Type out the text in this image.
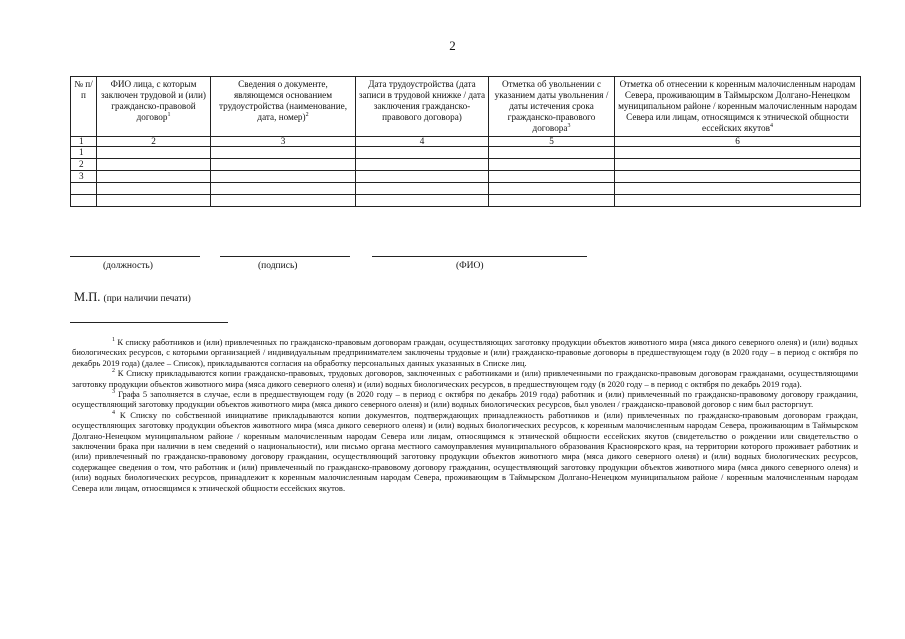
2
№ п/п	ФИО лица, с которым заключен трудовой и (или) гражданско-правовой договор$^1$	Сведения о документе, являющемся основанием трудоустройства (наименование, дата, номер)$^2$	Дата трудоустройства (дата записи в трудовой книжке / дата заключения гражданско-правового договора)	Отметка об увольнении с указанием даты увольнения / даты истечения срока гражданско-правового договора$^3$	Отметка об отнесении к коренным малочисленным народам Севера, проживающим в Таймырском Долгано-Ненецком муниципальном районе / коренным малочисленным народам Севера или лицам, относящимся к этнической общности ессейских якутов$^4$
1	2	3	4	5	6
1					
2					
3					

(должность)	(подпись)	(ФИО)
М.П. (при наличии печати)

$^1$ К списку работников и (или) привлеченных по гражданско-правовым договорам граждан, осуществляющих заготовку продукции объектов животного мира (мяса дикого северного оленя) и (или) водных биологических ресурсов, с которыми организацией / индивидуальным предпринимателем заключены трудовые и (или) гражданско-правовые договоры в предшествующем году (в 2020 году – в период с октября по декабрь 2019 года) (далее – Список), прикладываются согласия на обработку персональных данных указанных в Списке лиц.

$^2$ К Списку прикладываются копии гражданско-правовых, трудовых договоров, заключенных с работниками и (или) привлеченными по гражданско-правовым договорам гражданами, осуществляющими заготовку продукции объектов животного мира (мяса дикого северного оленя) и (или) водных биологических ресурсов, в предшествующем году (в 2020 году – в период с октября по декабрь 2019 года).

$^3$ Графа 5 заполняется в случае, если в предшествующем году (в 2020 году – в период с октября по декабрь 2019 года) работник и (или) привлеченный по гражданско-правовому договору гражданин, осуществляющий заготовку продукции объектов животного мира (мяса дикого северного оленя) и (или) водных биологических ресурсов, был уволен / гражданско-правовой договор с ним был расторгнут.

$^4$ К Списку по собственной инициативе прикладываются копии документов, подтверждающих принадлежность работников и (или) привлеченных по гражданско-правовым договорам граждан, осуществляющих заготовку продукции объектов животного мира (мяса дикого северного оленя) и (или) водных биологических ресурсов, к коренным малочисленным народам Севера, проживающим в Таймырском Долгано-Ненецком муниципальном районе / коренным малочисленным народам Севера или лицам, относящимся к этнической общности ессейских якутов (свидетельство о рождении или свидетельство о заключении брака при наличии в нем сведений о национальности), или письмо органа местного самоуправления муниципального образования Красноярского края, на территории которого проживает работник и (или) привлеченный по гражданско-правовому договору гражданин, осуществляющий заготовку продукции объектов животного мира (мяса дикого северного оленя) и (или) водных биологических ресурсов, содержащее сведения о том, что работник и (или) привлеченный по гражданско-правовому договору гражданин, осуществляющий заготовку продукции объектов животного мира (мяса дикого северного оленя) и (или) водных биологических ресурсов, принадлежит к коренным малочисленным народам Севера, проживающим в Таймырском Долгано-Ненецком муниципальном районе / коренным малочисленным народам Севера или лицам, относящимся к этнической общности ессейских якутов.
